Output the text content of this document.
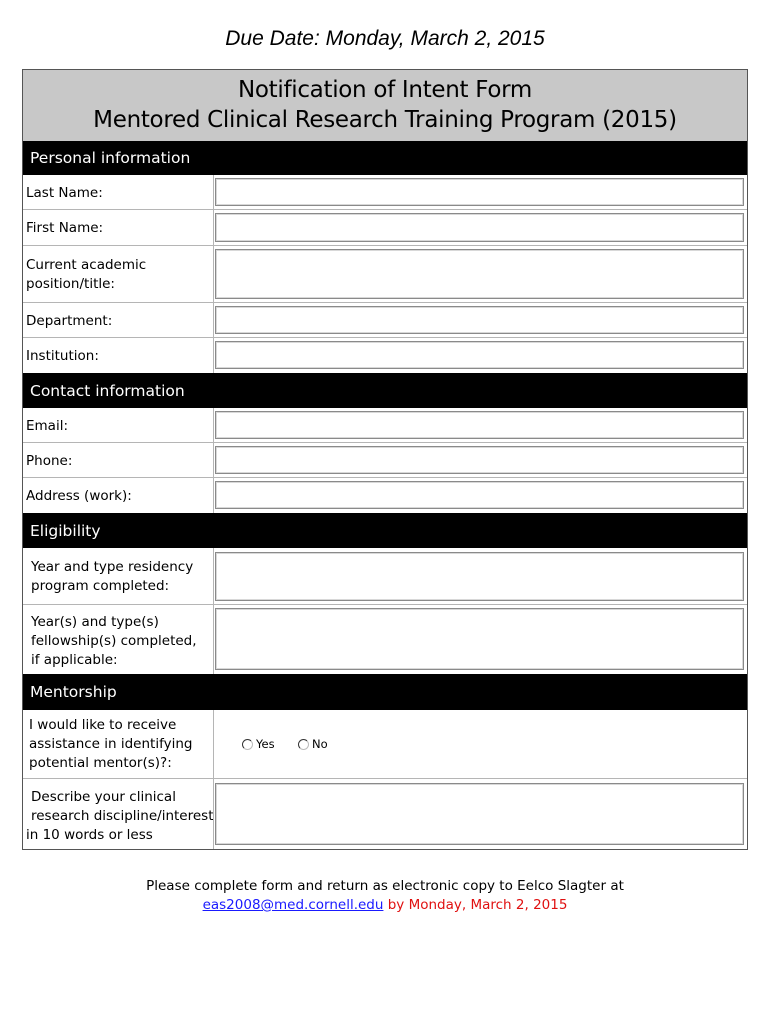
Due Date: Monday, March 2, 2015
Notification of Intent Form
Mentored Clinical Research Training Program (2015)
Personal information
Last Name:
First Name:
Current academic
position/title:
Department:
Institution:
Contact information
Email:
Phone:
Address (work):
Eligibility
Year and type residency
program completed:
Year(s) and type(s)
fellowship(s) completed,
if applicable:
Mentorship
I would like to receive
assistance in identifying
potential mentor(s)?:
Yes	No
Describe your clinical
research discipline/interest
in 10 words or less
Please complete form and return as electronic copy to Eelco Slagter at
eas2008@med.cornell.edu by Monday, March 2, 2015
